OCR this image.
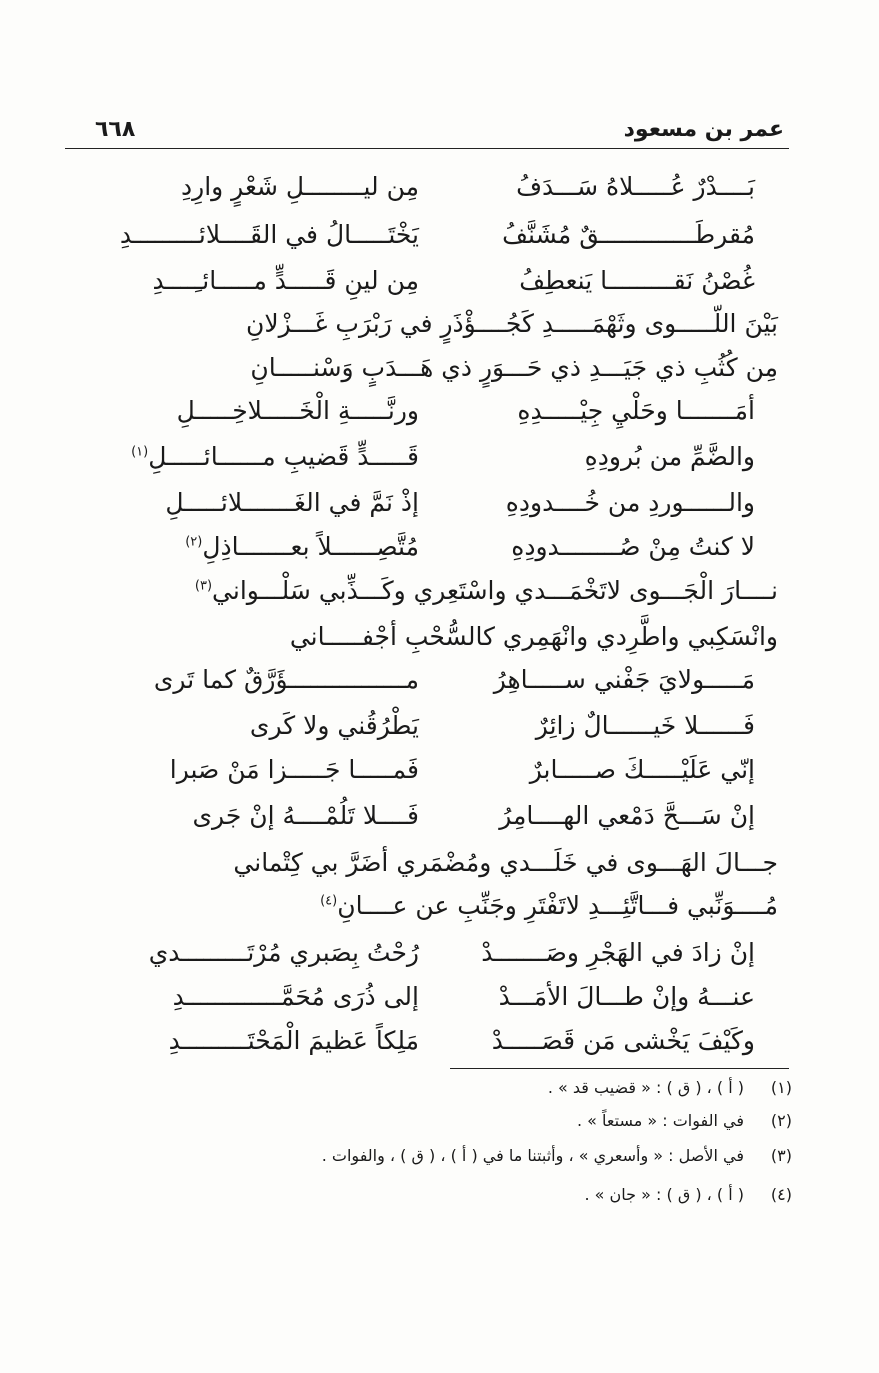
عمر بن مسعود
٦٦٨
بَــــدْرٌ عُـــــلاهُ سَـــدَفُ
مِن ليــــــــلِ شَعْرٍ وارِدِ
مُقرطَـــــــــــــقٌ مُشَنَّفُ
يَخْتَـــــالُ في القَــــلائـــــــــدِ
غُصْنُ نَقـــــــــا يَنعطِفُ
مِن لينِ قَـــــدٍّ مـــــائـِــــدِ
بَيْنَ اللّـــــوى وثَهْمَـــــدِ كَجُــــؤْذَرٍ في رَبْرَبِ غَـــزْلانِ
مِن كُثُبِ ذي جَيَـــدِ ذي حَـــوَرٍ ذي هَـــدَبٍ وَسْنـــــانِ
أمَـــــــا وحَلْيِ جِيْـــــدِهِ
ورنَّـــــةِ الْخَـــــلاخِـــــلِ
والضَّمِّ من بُرودِهِ
قَـــــدٍّ قَضيبِ مــــــائـــــلِ$^{(١)}$
والــــــوردِ من خُــــدودِهِ
إذْ نَمَّ في الغَـــــــلائـــــلِ
لا كنتُ مِنْ صُــــــــدودِهِ
مُتَّصِــــــلاً بعـــــــاذِلِ$^{(٢)}$
نــــارَ الْجَـــوى لاتَخْمَـــدي واسْتَعِري وكَـــذِّبي سَلْـــواني$^{(٣)}$
وانْسَكِبي واطَّرِدي وانْهَمِري كالسُّحْبِ أجْفـــــاني
مَـــــولايَ جَفْني ســـــاهِرُ
مــــــــــــــــؤَرَّقٌ كما تَرى
فَــــــلا خَيــــــالٌ زائِرٌ
يَطْرُقُني ولا كَرى
إنّي عَلَيْـــــكَ صـــــابرٌ
فَمـــــا جَـــــزا مَنْ صَبرا
إنْ سَـــحَّ دَمْعي الهــــامِرُ
فَــــلا تَلُمْــــهُ إنْ جَرى
جـــالَ الهَـــوى في خَلَـــدي ومُضْمَري أضَرَّ بي كِتْماني
مُــــوَنِّبي فـــاتَّئِـــدِ لاتَفْتَرِ وجَنِّبِ عن عــــانِ$^{(٤)}$
إنْ زادَ في الهَجْرِ وصَـــــــدْ
رُحْتُ بِصَبري مُرْتَـــــــــدي
عنـــهُ وإنْ طـــالَ الأمَـــدْ
إلى ذُرَى مُحَمَّـــــــــــــدِ
وكَيْفَ يَخْشى مَن قَصَـــــدْ
مَلِكاً عَظيمَ الْمَحْتَـــــــــدِ
(١)( أ ) ، ( ق ) : « قضيب قد » .
(٢)في الفوات : « مستعاً » .
(٣)في الأصل : « وأسعري » ، وأثبتنا ما في ( أ ) ، ( ق ) ، والفوات .
(٤)( أ ) ، ( ق ) : « جان » .
